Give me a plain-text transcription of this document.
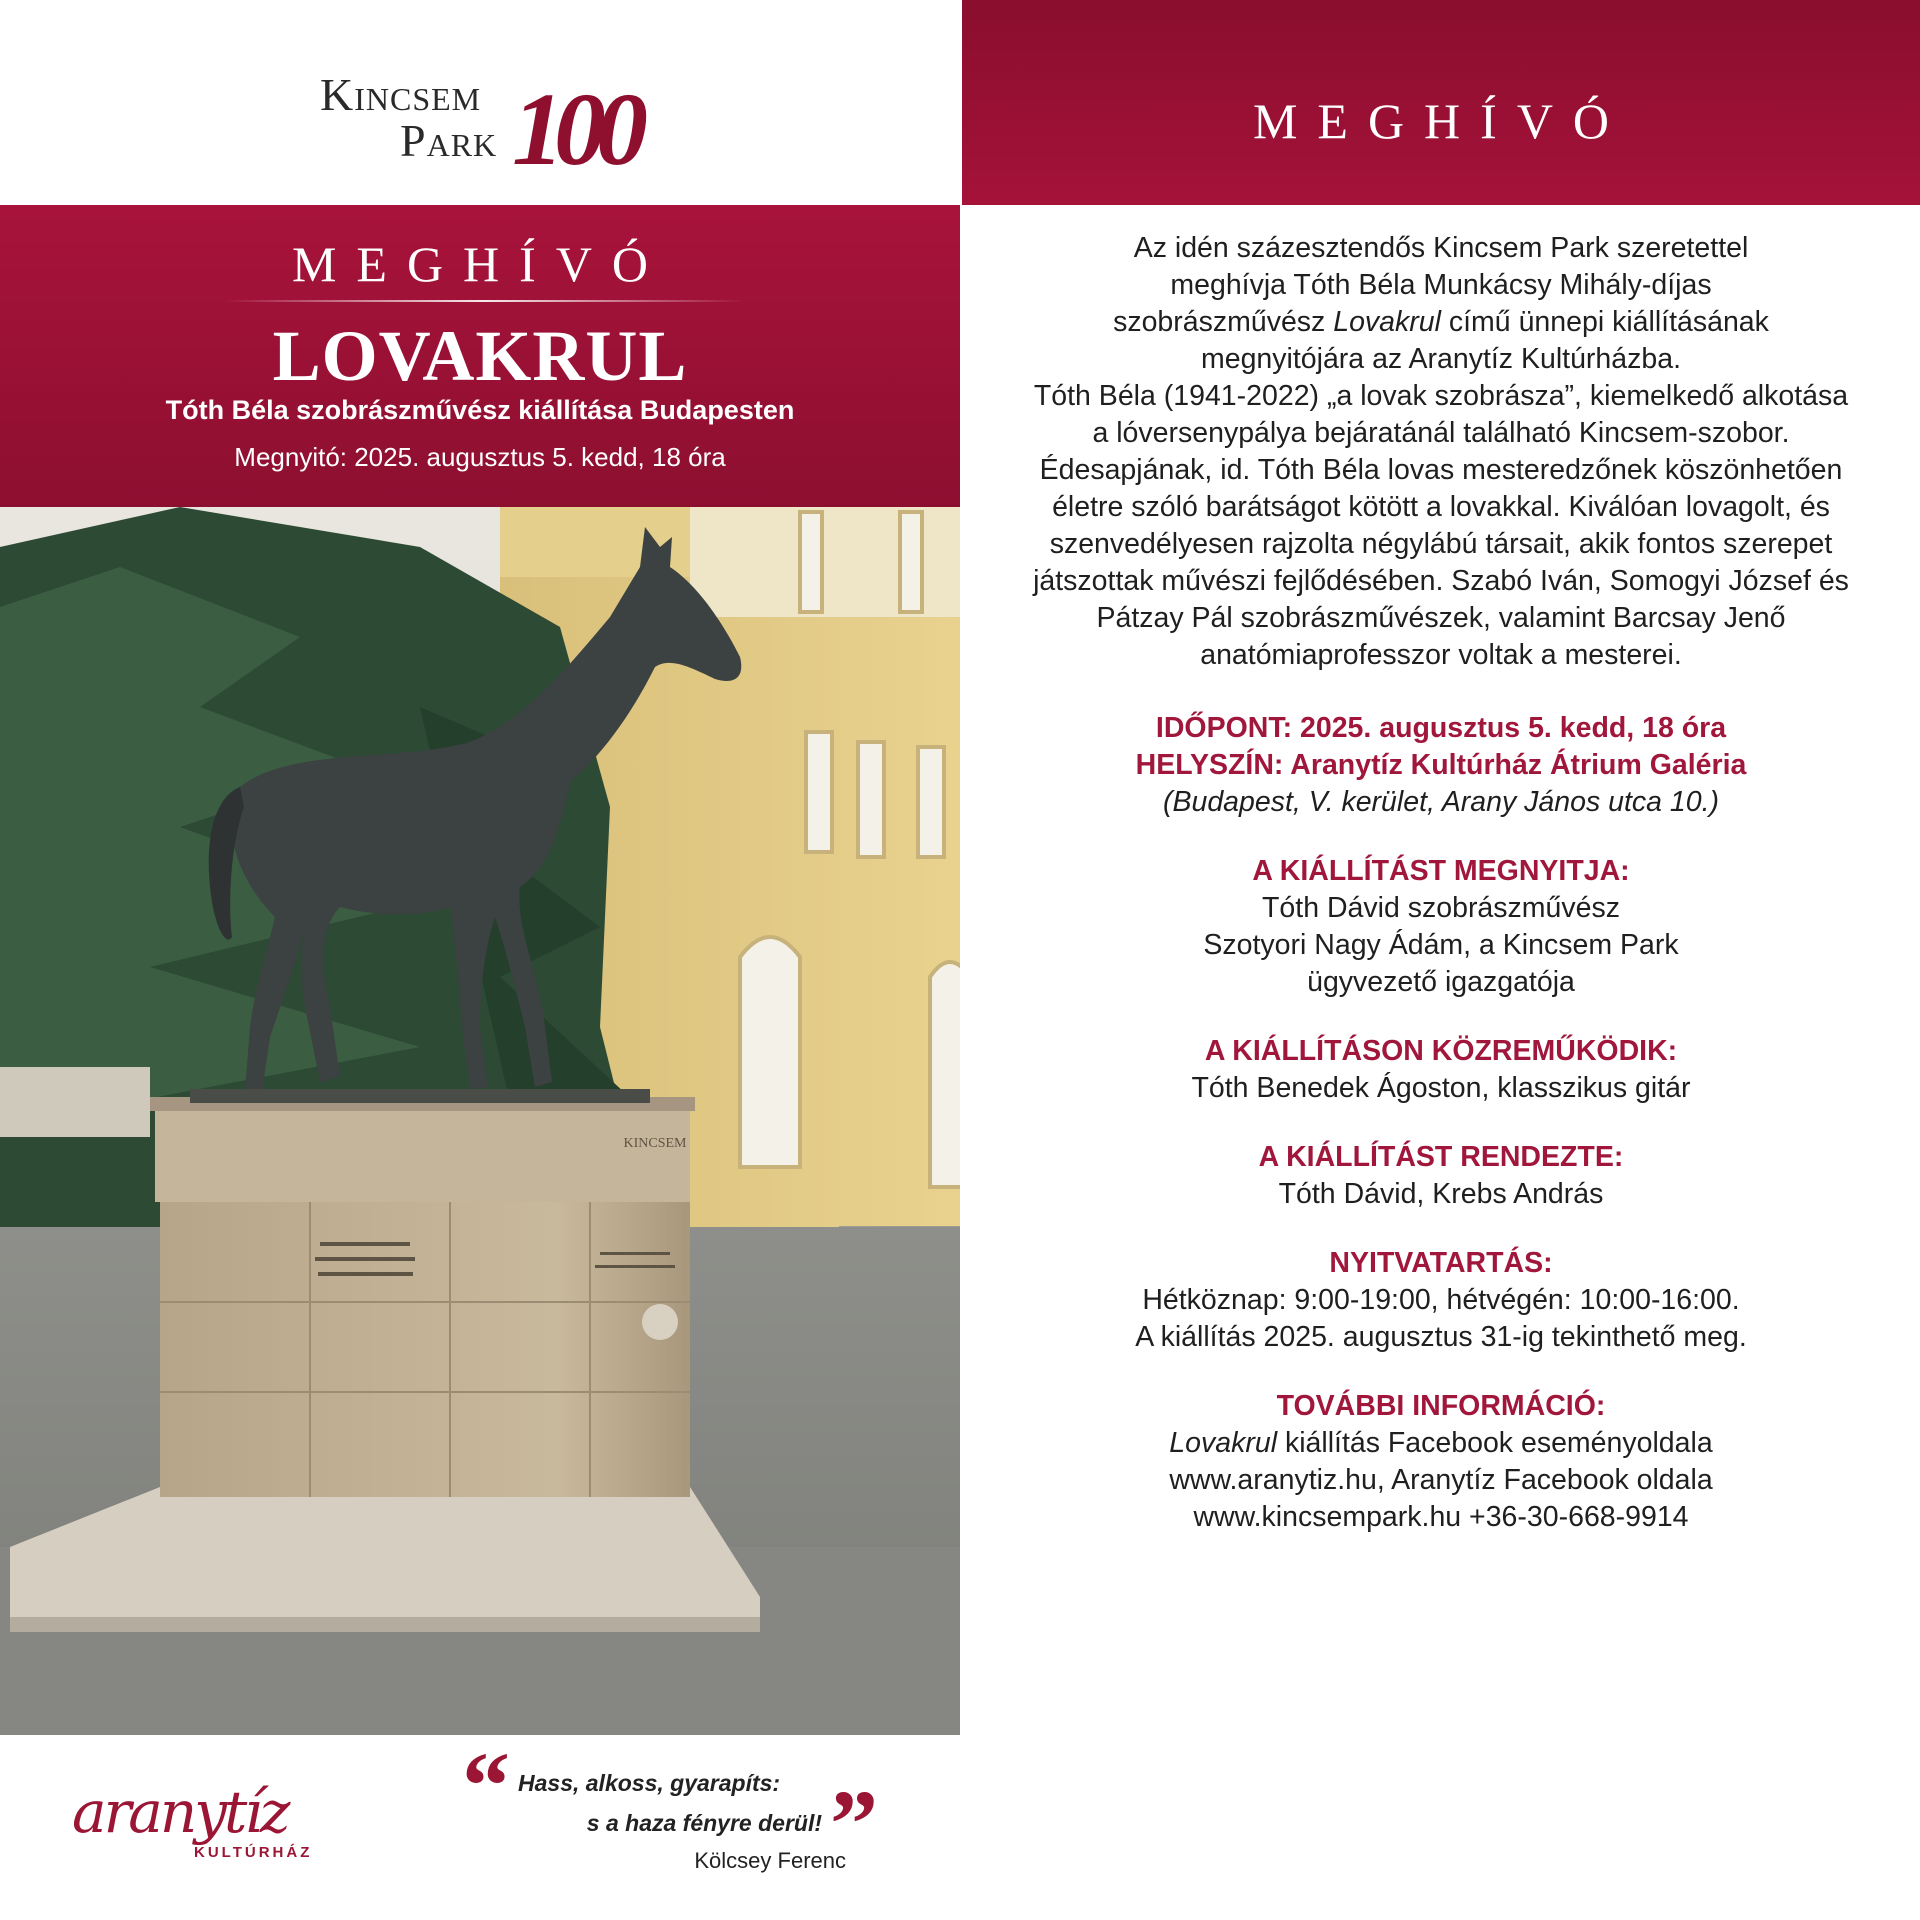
Kincsem
Park 100
MEGHÍVÓ
LOVAKRUL
Tóth Béla szobrászművész kiállítása Budapesten
Megnyitó: 2025. augusztus 5. kedd, 18 óra
KINCSEM
aranytíz
KULTÚRHÁZ
“ Hass, alkoss, gyarapíts:
s a haza fényre derül! ”
Kölcsey Ferenc
MEGHÍVÓ

Az idén százesztendős Kincsem Park szeretettel meghívja Tóth Béla Munkácsy Mihály-díjas szobrászművész Lovakrul című ünnepi kiállításának megnyitójára az Aranytíz Kultúrházba.

Tóth Béla (1941-2022) „a lovak szobrásza”, kiemelkedő alkotása a lóversenypálya bejáratánál található Kincsem-szobor. Édesapjának, id. Tóth Béla lovas mesteredzőnek köszönhetően életre szóló barátságot kötött a lovakkal. Kiválóan lovagolt, és szenvedélyesen rajzolta négylábú társait, akik fontos szerepet játszottak művészi fejlődésében. Szabó Iván, Somogyi József és Pátzay Pál szobrászművészek, valamint Barcsay Jenő anatómiaprofesszor voltak a mesterei.

IDŐPONT: 2025. augusztus 5. kedd, 18 óra
HELYSZÍN: Aranytíz Kultúrház Átrium Galéria
(Budapest, V. kerület, Arany János utca 10.)
A KIÁLLÍTÁST MEGNYITJA:
Tóth Dávid szobrászművész
Szotyori Nagy Ádám, a Kincsem Park
ügyvezető igazgatója
A KIÁLLÍTÁSON KÖZREMŰKÖDIK:
Tóth Benedek Ágoston, klasszikus gitár
A KIÁLLÍTÁST RENDEZTE:
Tóth Dávid, Krebs András
NYITVATARTÁS:
Hétköznap: 9:00-19:00, hétvégén: 10:00-16:00.
A kiállítás 2025. augusztus 31-ig tekinthető meg.
TOVÁBBI INFORMÁCIÓ:
Lovakrul kiállítás Facebook eseményoldala
www.aranytiz.hu, Aranytíz Facebook oldala
www.kincsempark.hu +36-30-668-9914
